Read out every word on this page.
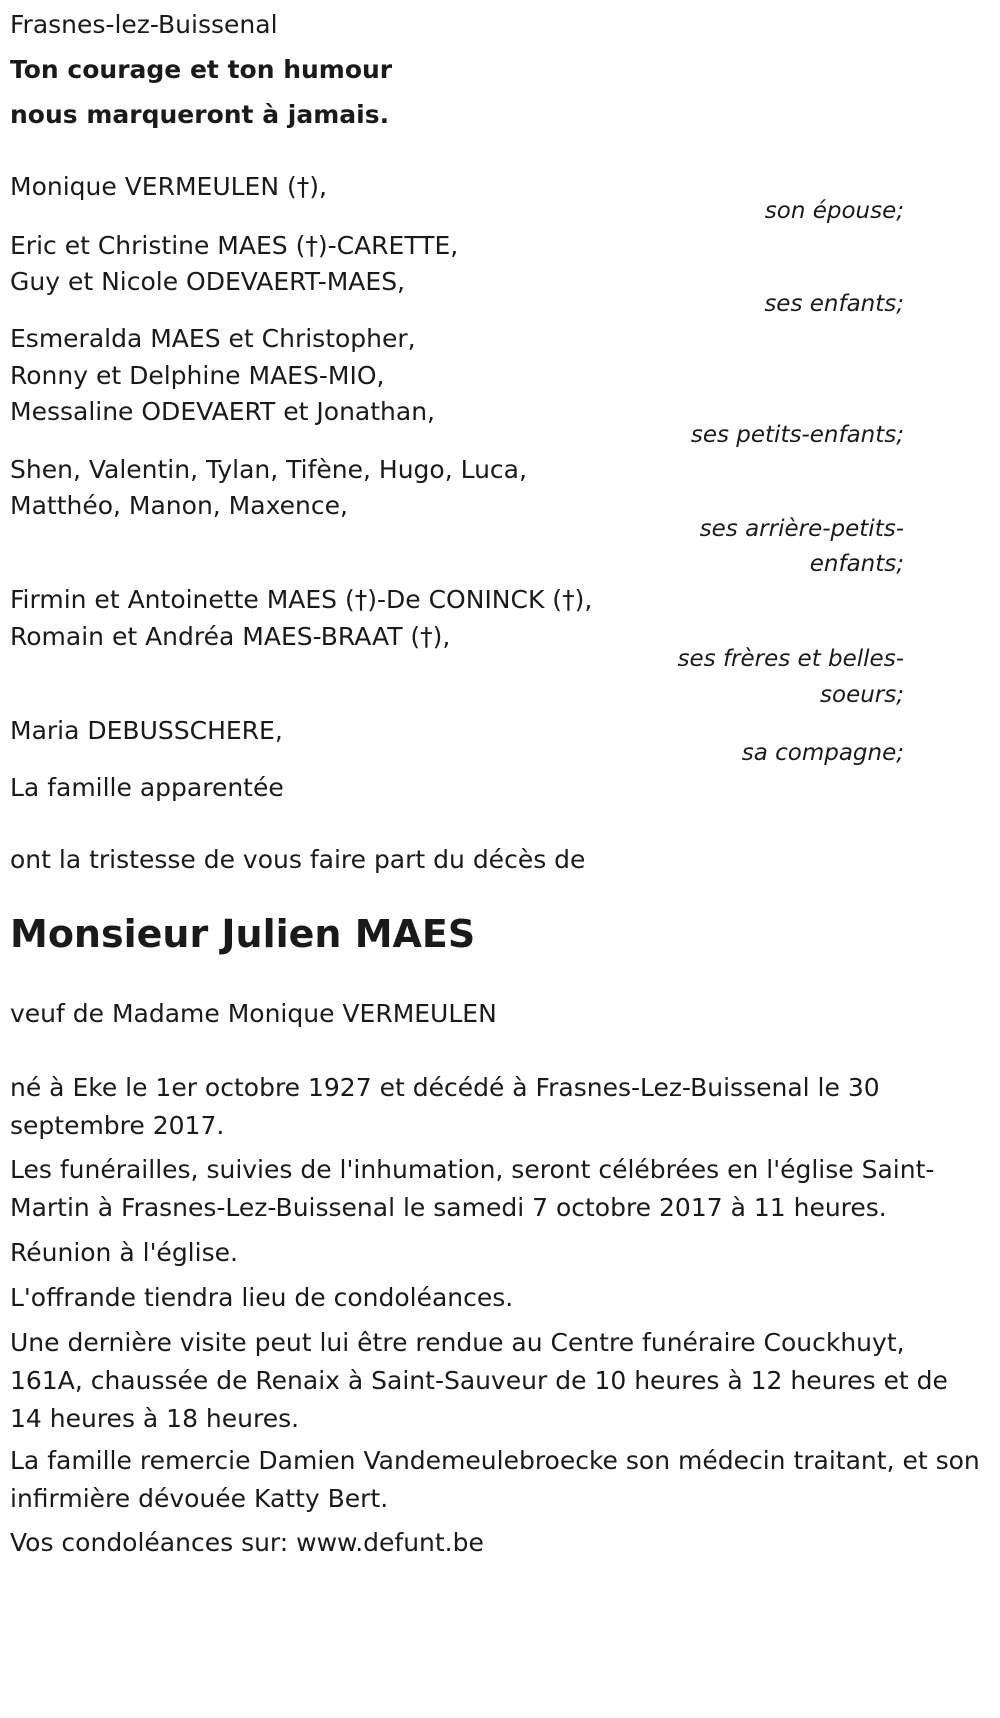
Frasnes-lez-Buissenal

Ton courage et ton humour

nous marqueront à jamais.

Monique VERMEULEN (†),

son épouse;

Eric et Christine MAES (†)-CARETTE,

Guy et Nicole ODEVAERT-MAES,

ses enfants;

Esmeralda MAES et Christopher,

Ronny et Delphine MAES-MIO,

Messaline ODEVAERT et Jonathan,

ses petits-enfants;

Shen, Valentin, Tylan, Tifène, Hugo, Luca,

Matthéo, Manon, Maxence,

ses arrière-petits-

enfants;

Firmin et Antoinette MAES (†)-De CONINCK (†),

Romain et Andréa MAES-BRAAT (†),

ses frères et belles-

soeurs;

Maria DEBUSSCHERE,

sa compagne;

La famille apparentée

ont la tristesse de vous faire part du décès de

Monsieur Julien MAES

veuf de Madame Monique VERMEULEN

né à Eke le 1er octobre 1927 et décédé à Frasnes-Lez-Buissenal le 30 septembre 2017.

Les funérailles, suivies de l'inhumation, seront célébrées en l'église Saint-Martin à Frasnes-Lez-Buissenal le samedi 7 octobre 2017 à 11 heures.

Réunion à l'église.

L'offrande tiendra lieu de condoléances.

Une dernière visite peut lui être rendue au Centre funéraire Couckhuyt, 161A, chaussée de Renaix à Saint-Sauveur de 10 heures à 12 heures et de 14 heures à 18 heures.

La famille remercie Damien Vandemeulebroecke son médecin traitant, et son infirmière dévouée Katty Bert.

Vos condoléances sur: www.defunt.be
